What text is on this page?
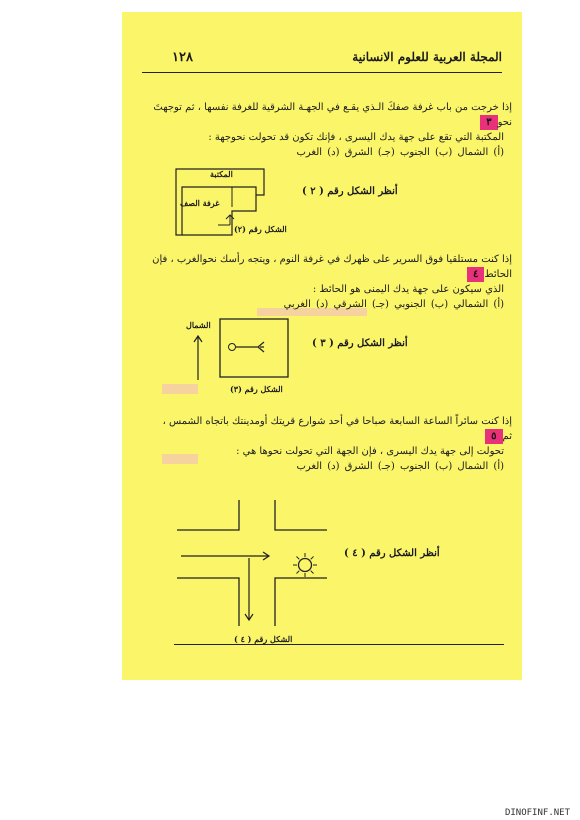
١٢٨	المجلة العربية للعلوم الانسانية
إذا خرجت من باب غرفة صفكَ الـذي يقـع في الجهـة الشرقية للغرفة نفسها ، ثم توجهتَ نحو٣
المكتبة التي تقع على جهة يدك اليسرى ، فإنك تكون قد تحولت نحوجهة :
(أ) الشمال (ب) الجنوب (جـ) الشرق (د) الغرب
المكتبة
غرفة الصف
أنظر الشكل رقم ( ٢ )
الشكل رقم (٢)
إذا كنت مستلقيا فوق السرير على ظهرك في غرفة النوم ، ويتجه رأسك نحوالغرب ، فإن الحائط٤
الذي سيكون على جهة يدك اليمنى هو الحائط :
(أ) الشمالي (ب) الجنوبي (جـ) الشرقي (د) الغربي
الشمال
أنظر الشكل رقم ( ٣ )
الشكل رقم (٣)
إذا كنت سائراً الساعة السابعة صباحا في أحد شوارع قريتك أومدينتك باتجاه الشمس ، ثم٥
تحولت إلى جهة يدك اليسرى ، فإن الجهة التي تحولت نحوها هي :
(أ) الشمال (ب) الجنوب (جـ) الشرق (د) الغرب
أنظر الشكل رقم ( ٤ )
الشكل رقم ( ٤ )
DINOFINF.NET
